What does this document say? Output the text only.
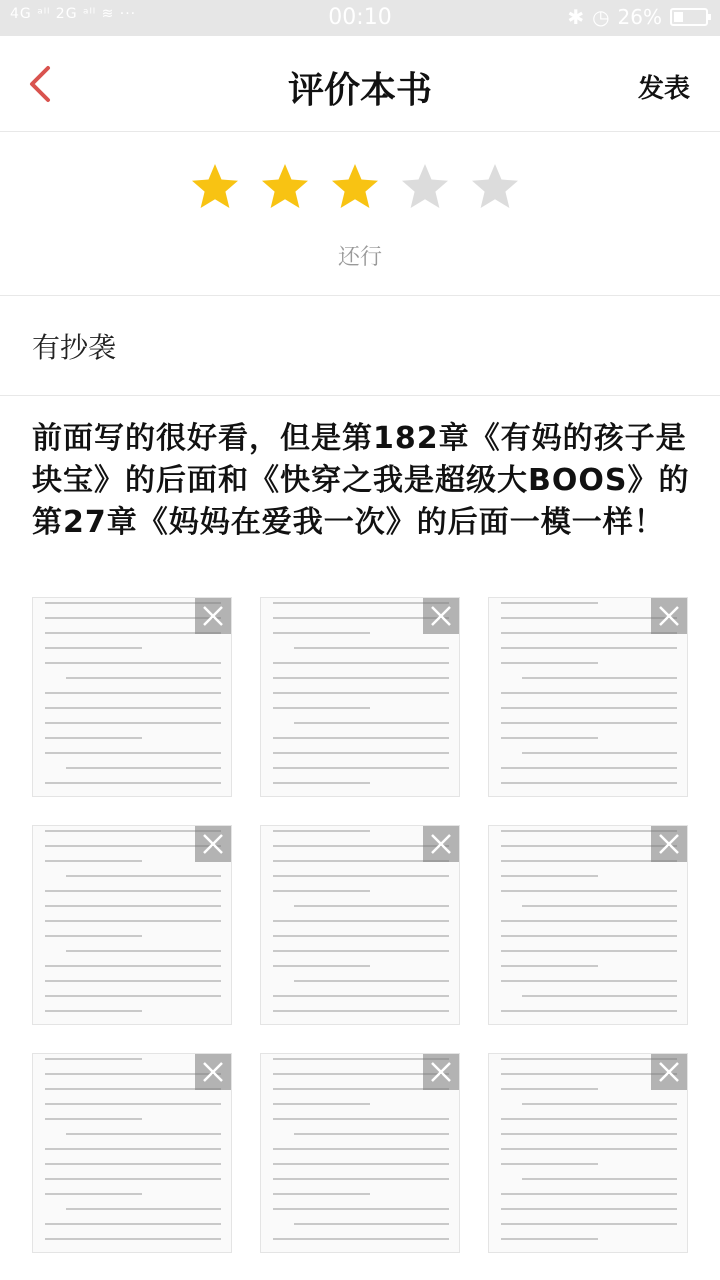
4G ᵃˡˡ 2G ᵃˡˡ ≋ ···	00:10	✱ ◷ 26%
评价本书	发表
还行
有抄袭
前面写的很好看，但是第182章《有妈的孩子是块宝》的后面和《快穿之我是超级大BOOS》的第27章《妈妈在爱我一次》的后面一模一样！
